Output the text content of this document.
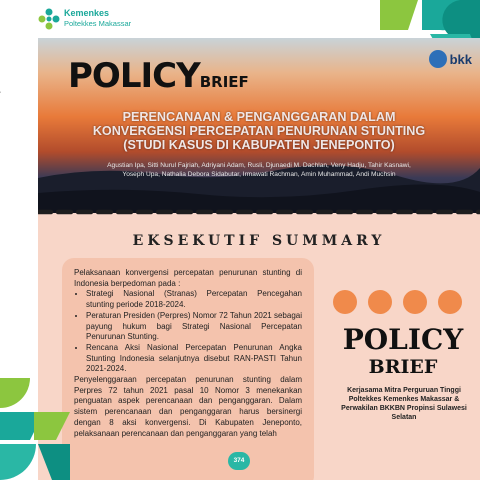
Kemenkes
Poltekkes Makassar
POLICYBRIEF
bkk
PERENCANAAN & PENGANGGARAN DALAM
KONVERGENSI PERCEPATAN PENURUNAN STUNTING
(STUDI KASUS DI KABUPATEN JENEPONTO)
Agustian Ipa, Sitti Nurul Fajriah, Adriyani Adam, Rusli, Djunaedi M. Dachlan, Veny Hadju, Tahir Kasnawi,
Yoseph Upa, Nathalia Debora Sidabutar, Irmawati Rachman, Amin Muhammad, Andi Muchsin
EKSEKUTIF SUMMARY

Pelaksanaan konvergensi percepatan penurunan stunting di Indonesia berpedoman pada :

• Strategi Nasional (Stranas) Percepatan Pencegahan stunting periode 2018-2024.
• Peraturan Presiden (Perpres) Nomor 72 Tahun 2021 sebagai payung hukum bagi Strategi Nasional Percepatan Penurunan Stunting.
• Rencana Aksi Nasional Percepatan Penurunan Angka Stunting Indonesia selanjutnya disebut RAN-PASTI Tahun 2021-2024.

Penyelenggaraan percepatan penurunan stunting dalam Perpres 72 tahun 2021 pasal 10 Nomor 3 menekankan penguatan aspek perencanaan dan penganggaran. Dalam sistem perencanaan dan penganggaran harus bersinergi dengan 8 aksi konvergensi. Di Kabupaten Jeneponto, pelaksanaan perencanaan dan penganggaran yang telah

POLICY
BRIEF
Kerjasama Mitra Perguruan Tinggi Poltekkes Kemenkes Makassar & Perwakilan BKKBN Propinsi Sulawesi Selatan
374
